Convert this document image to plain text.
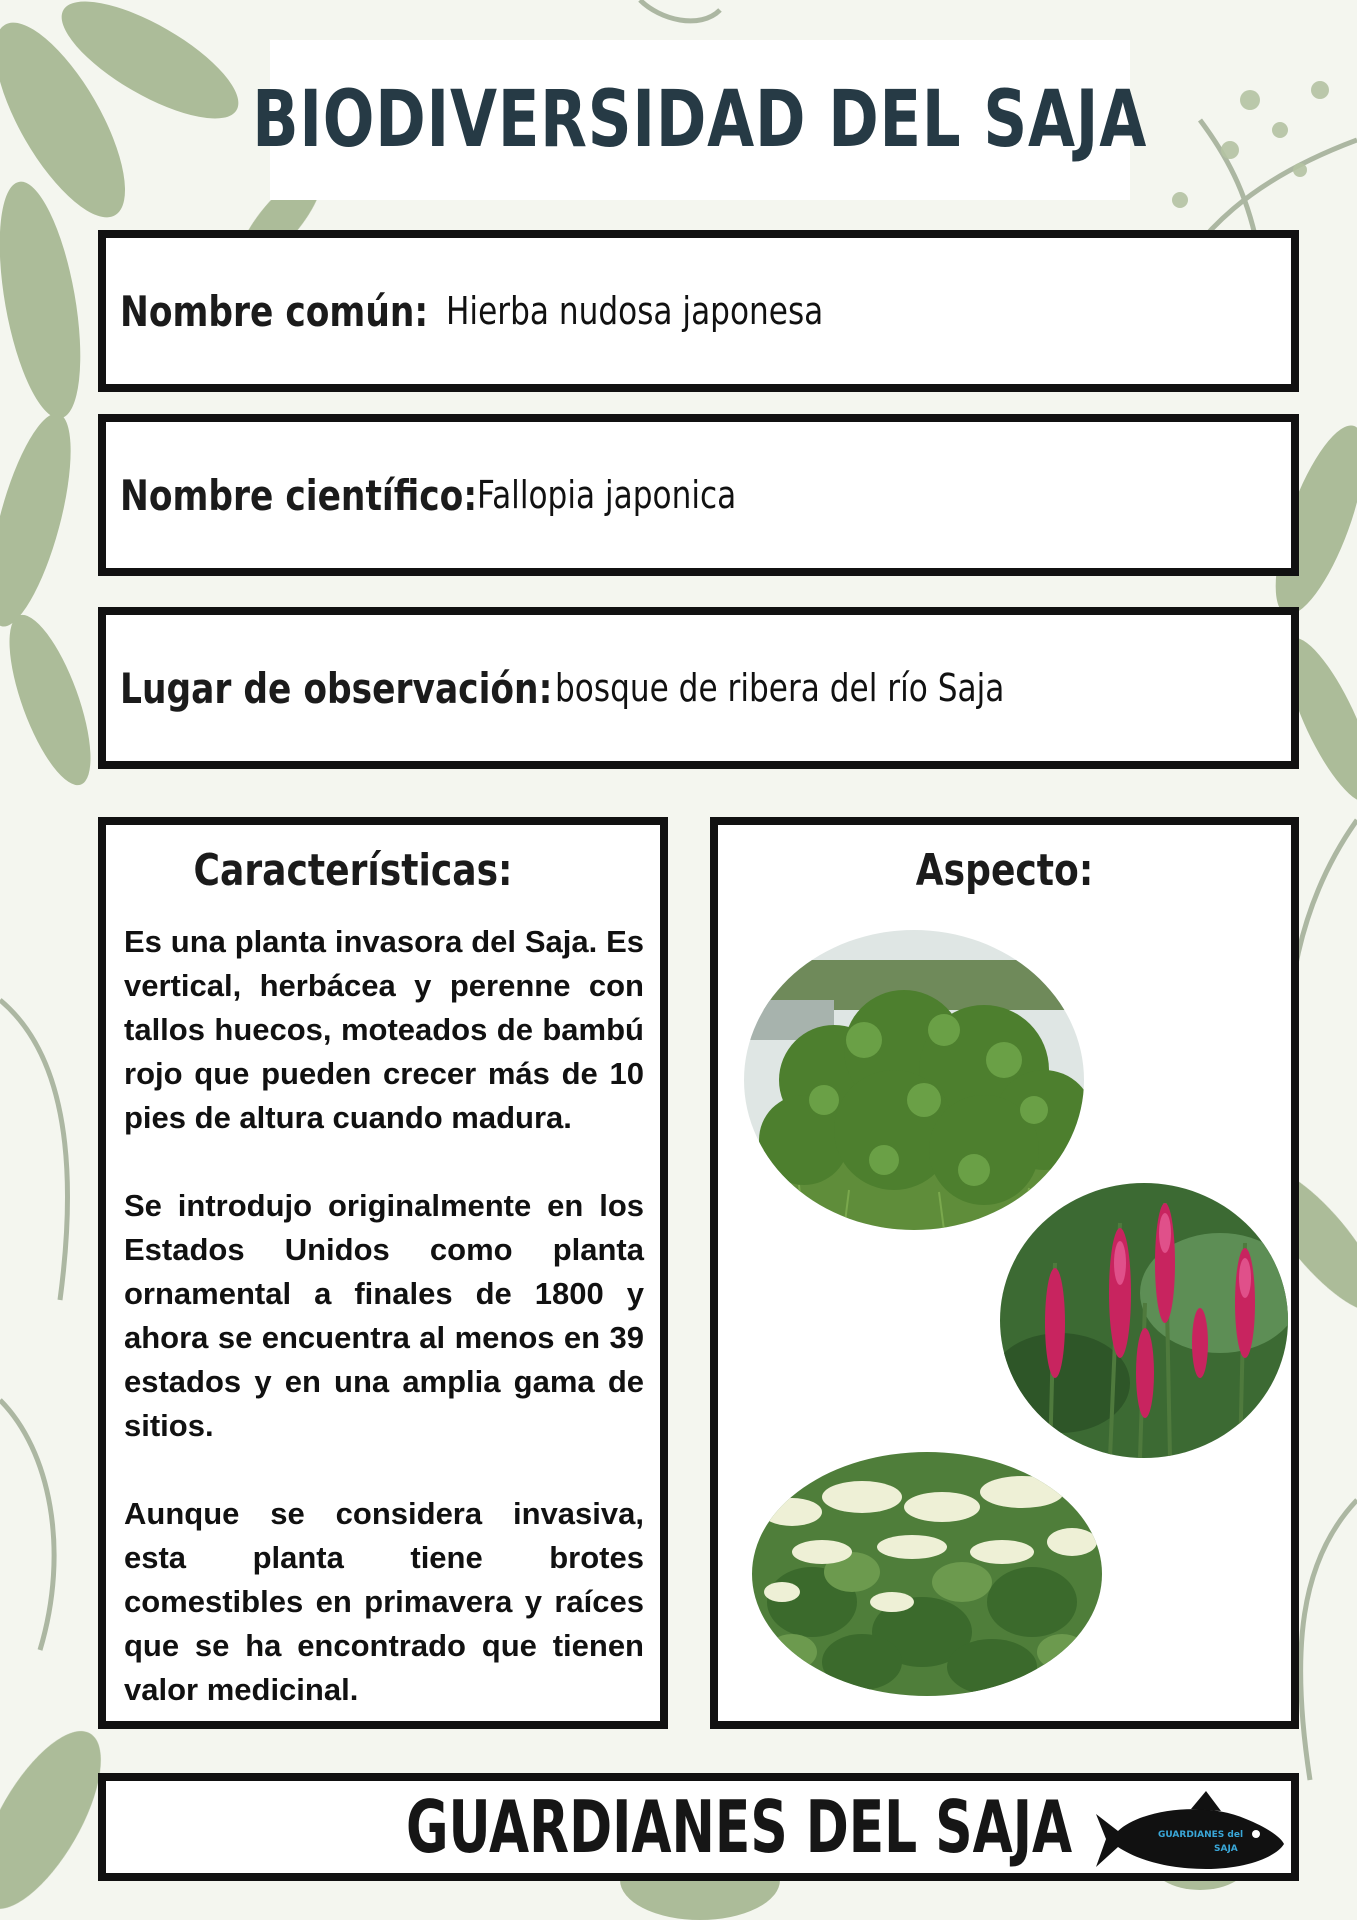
BIODIVERSIDAD DEL SAJA
Nombre común: Hierba nudosa japonesa
Nombre científico: Fallopia japonica
Lugar de observación: bosque de ribera del río Saja
Características:

Es una planta invasora del Saja. Es vertical, herbácea y perenne con tallos huecos, moteados de bambú rojo que pueden crecer más de 10 pies de altura cuando madura.

Se introdujo originalmente en los Estados Unidos como planta ornamental a finales de 1800 y ahora se encuentra al menos en 39 estados y en una amplia gama de sitios.

Aunque se considera invasiva, esta planta tiene brotes comestibles en primavera y raíces que se ha encontrado que tienen valor medicinal.

Aspecto:
GUARDIANES DEL SAJA	GUARDIANES del
SAJA
